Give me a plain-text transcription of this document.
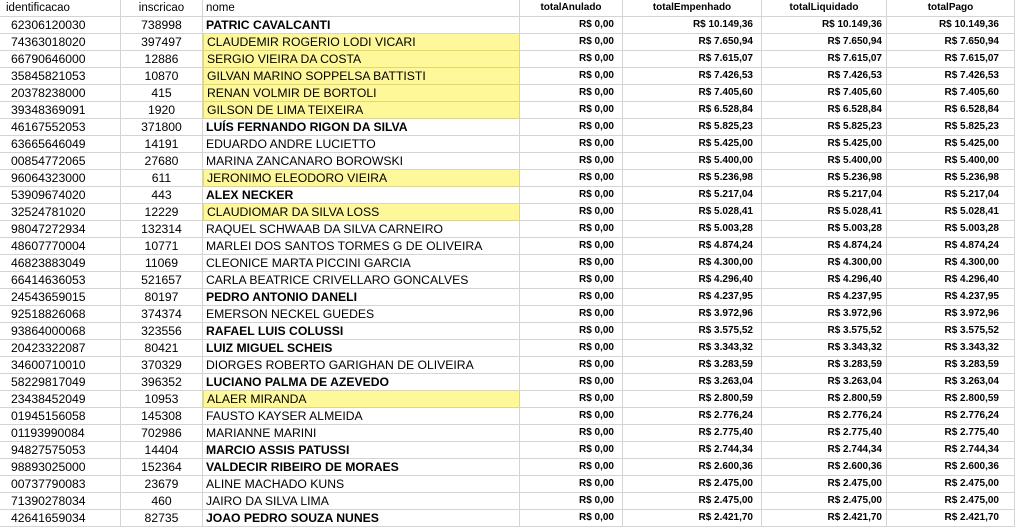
identificacao	inscricao	nome	totalAnulado	totalEmpenhado	totalLiquidado	totalPago
62306120030	738998	PATRIC CAVALCANTI	R$ 0,00	R$ 10.149,36	R$ 10.149,36	R$ 10.149,36
74363018020	397497	CLAUDEMIR ROGERIO LODI VICARI	R$ 0,00	R$ 7.650,94	R$ 7.650,94	R$ 7.650,94
66790646000	12886	SERGIO VIEIRA DA COSTA	R$ 0,00	R$ 7.615,07	R$ 7.615,07	R$ 7.615,07
35845821053	10870	GILVAN MARINO SOPPELSA BATTISTI	R$ 0,00	R$ 7.426,53	R$ 7.426,53	R$ 7.426,53
20378238000	415	RENAN VOLMIR DE BORTOLI	R$ 0,00	R$ 7.405,60	R$ 7.405,60	R$ 7.405,60
39348369091	1920	GILSON DE LIMA TEIXEIRA	R$ 0,00	R$ 6.528,84	R$ 6.528,84	R$ 6.528,84
46167552053	371800	LUÍS FERNANDO RIGON DA SILVA	R$ 0,00	R$ 5.825,23	R$ 5.825,23	R$ 5.825,23
63665646049	14191	EDUARDO ANDRE LUCIETTO	R$ 0,00	R$ 5.425,00	R$ 5.425,00	R$ 5.425,00
00854772065	27680	MARINA ZANCANARO BOROWSKI	R$ 0,00	R$ 5.400,00	R$ 5.400,00	R$ 5.400,00
96064323000	611	JERONIMO ELEODORO VIEIRA	R$ 0,00	R$ 5.236,98	R$ 5.236,98	R$ 5.236,98
53909674020	443	ALEX NECKER	R$ 0,00	R$ 5.217,04	R$ 5.217,04	R$ 5.217,04
32524781020	12229	CLAUDIOMAR DA SILVA LOSS	R$ 0,00	R$ 5.028,41	R$ 5.028,41	R$ 5.028,41
98047272934	132314	RAQUEL SCHWAAB DA SILVA CARNEIRO	R$ 0,00	R$ 5.003,28	R$ 5.003,28	R$ 5.003,28
48607770004	10771	MARLEI DOS SANTOS TORMES G DE OLIVEIRA	R$ 0,00	R$ 4.874,24	R$ 4.874,24	R$ 4.874,24
46823883049	11069	CLEONICE MARTA PICCINI GARCIA	R$ 0,00	R$ 4.300,00	R$ 4.300,00	R$ 4.300,00
66414636053	521657	CARLA BEATRICE CRIVELLARO GONCALVES	R$ 0,00	R$ 4.296,40	R$ 4.296,40	R$ 4.296,40
24543659015	80197	PEDRO ANTONIO DANELI	R$ 0,00	R$ 4.237,95	R$ 4.237,95	R$ 4.237,95
92518826068	374374	EMERSON NECKEL GUEDES	R$ 0,00	R$ 3.972,96	R$ 3.972,96	R$ 3.972,96
93864000068	323556	RAFAEL LUIS COLUSSI	R$ 0,00	R$ 3.575,52	R$ 3.575,52	R$ 3.575,52
20423322087	80421	LUIZ MIGUEL SCHEIS	R$ 0,00	R$ 3.343,32	R$ 3.343,32	R$ 3.343,32
34600710010	370329	DIORGES ROBERTO GARIGHAN DE OLIVEIRA	R$ 0,00	R$ 3.283,59	R$ 3.283,59	R$ 3.283,59
58229817049	396352	LUCIANO PALMA DE AZEVEDO	R$ 0,00	R$ 3.263,04	R$ 3.263,04	R$ 3.263,04
23438452049	10953	ALAER MIRANDA	R$ 0,00	R$ 2.800,59	R$ 2.800,59	R$ 2.800,59
01945156058	145308	FAUSTO KAYSER ALMEIDA	R$ 0,00	R$ 2.776,24	R$ 2.776,24	R$ 2.776,24
01193990084	702986	MARIANNE MARINI	R$ 0,00	R$ 2.775,40	R$ 2.775,40	R$ 2.775,40
94827575053	14404	MARCIO ASSIS PATUSSI	R$ 0,00	R$ 2.744,34	R$ 2.744,34	R$ 2.744,34
98893025000	152364	VALDECIR RIBEIRO DE MORAES	R$ 0,00	R$ 2.600,36	R$ 2.600,36	R$ 2.600,36
00737790083	23679	ALINE MACHADO KUNS	R$ 0,00	R$ 2.475,00	R$ 2.475,00	R$ 2.475,00
71390278034	460	JAIRO DA SILVA LIMA	R$ 0,00	R$ 2.475,00	R$ 2.475,00	R$ 2.475,00
42641659034	82735	JOAO PEDRO SOUZA NUNES	R$ 0,00	R$ 2.421,70	R$ 2.421,70	R$ 2.421,70
